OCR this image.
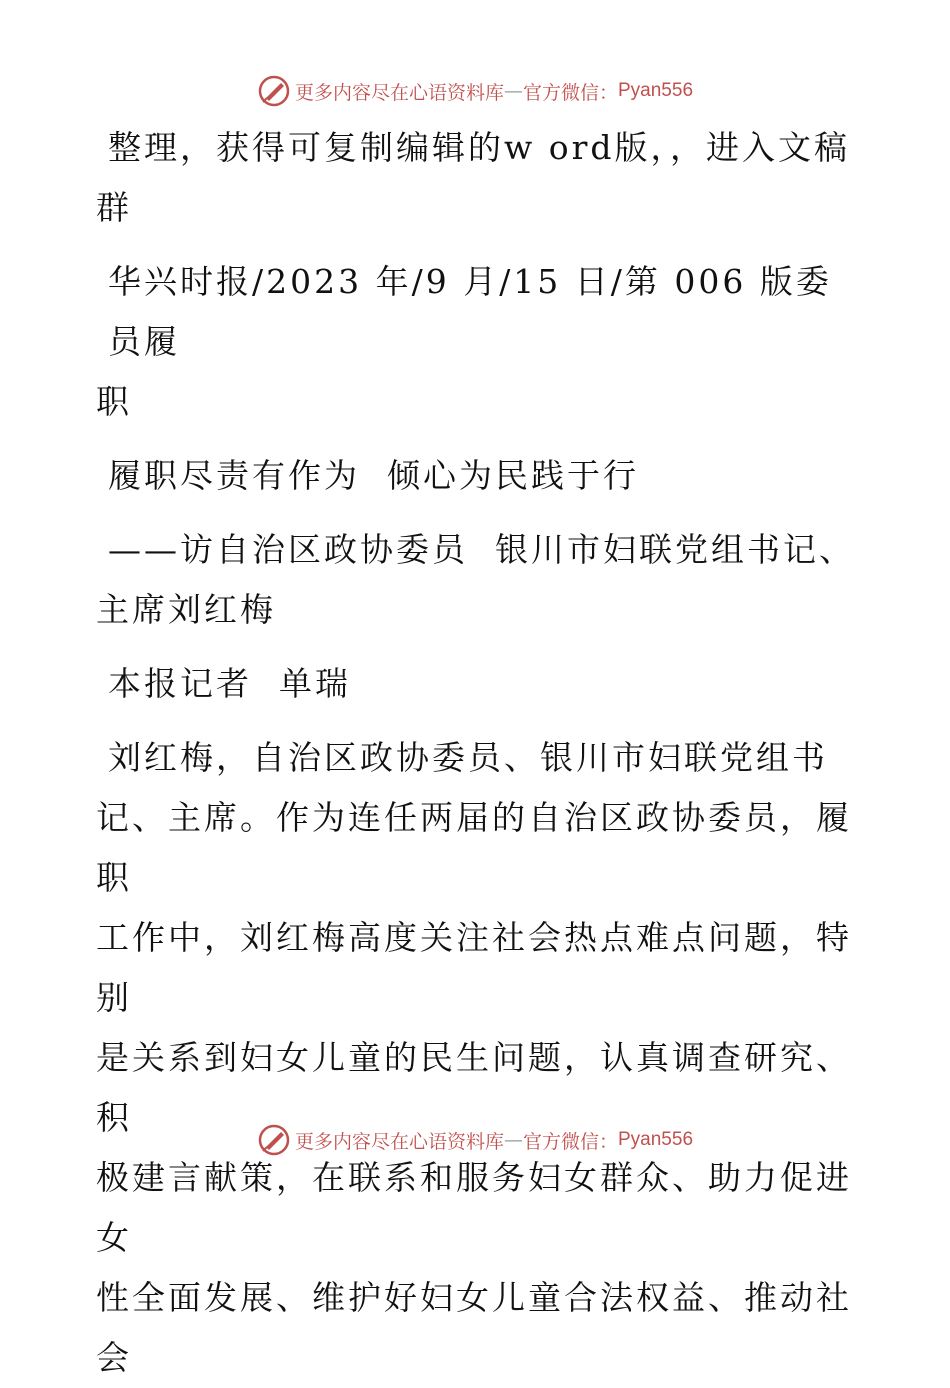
更多内容尽在心语资料库 — 官方微信： Pyan556

整理，获得可复制编辑的w ord版，，进入文稿

群

华兴时报/2023 年/9 月/15 日/第 006 版委员履

职

履职尽责有作为  倾心为民践于行

——访自治区政协委员  银川市妇联党组书记、

主席刘红梅

本报记者  单瑞

刘红梅，自治区政协委员、银川市妇联党组书

记、主席。作为连任两届的自治区政协委员，履职

工作中，刘红梅高度关注社会热点难点问题，特别

是关系到妇女儿童的民生问题，认真调查研究、积

极建言献策，在联系和服务妇女群众、助力促进女

性全面发展、维护好妇女儿童合法权益、推动社会

更多内容尽在心语资料库 — 官方微信： Pyan556
